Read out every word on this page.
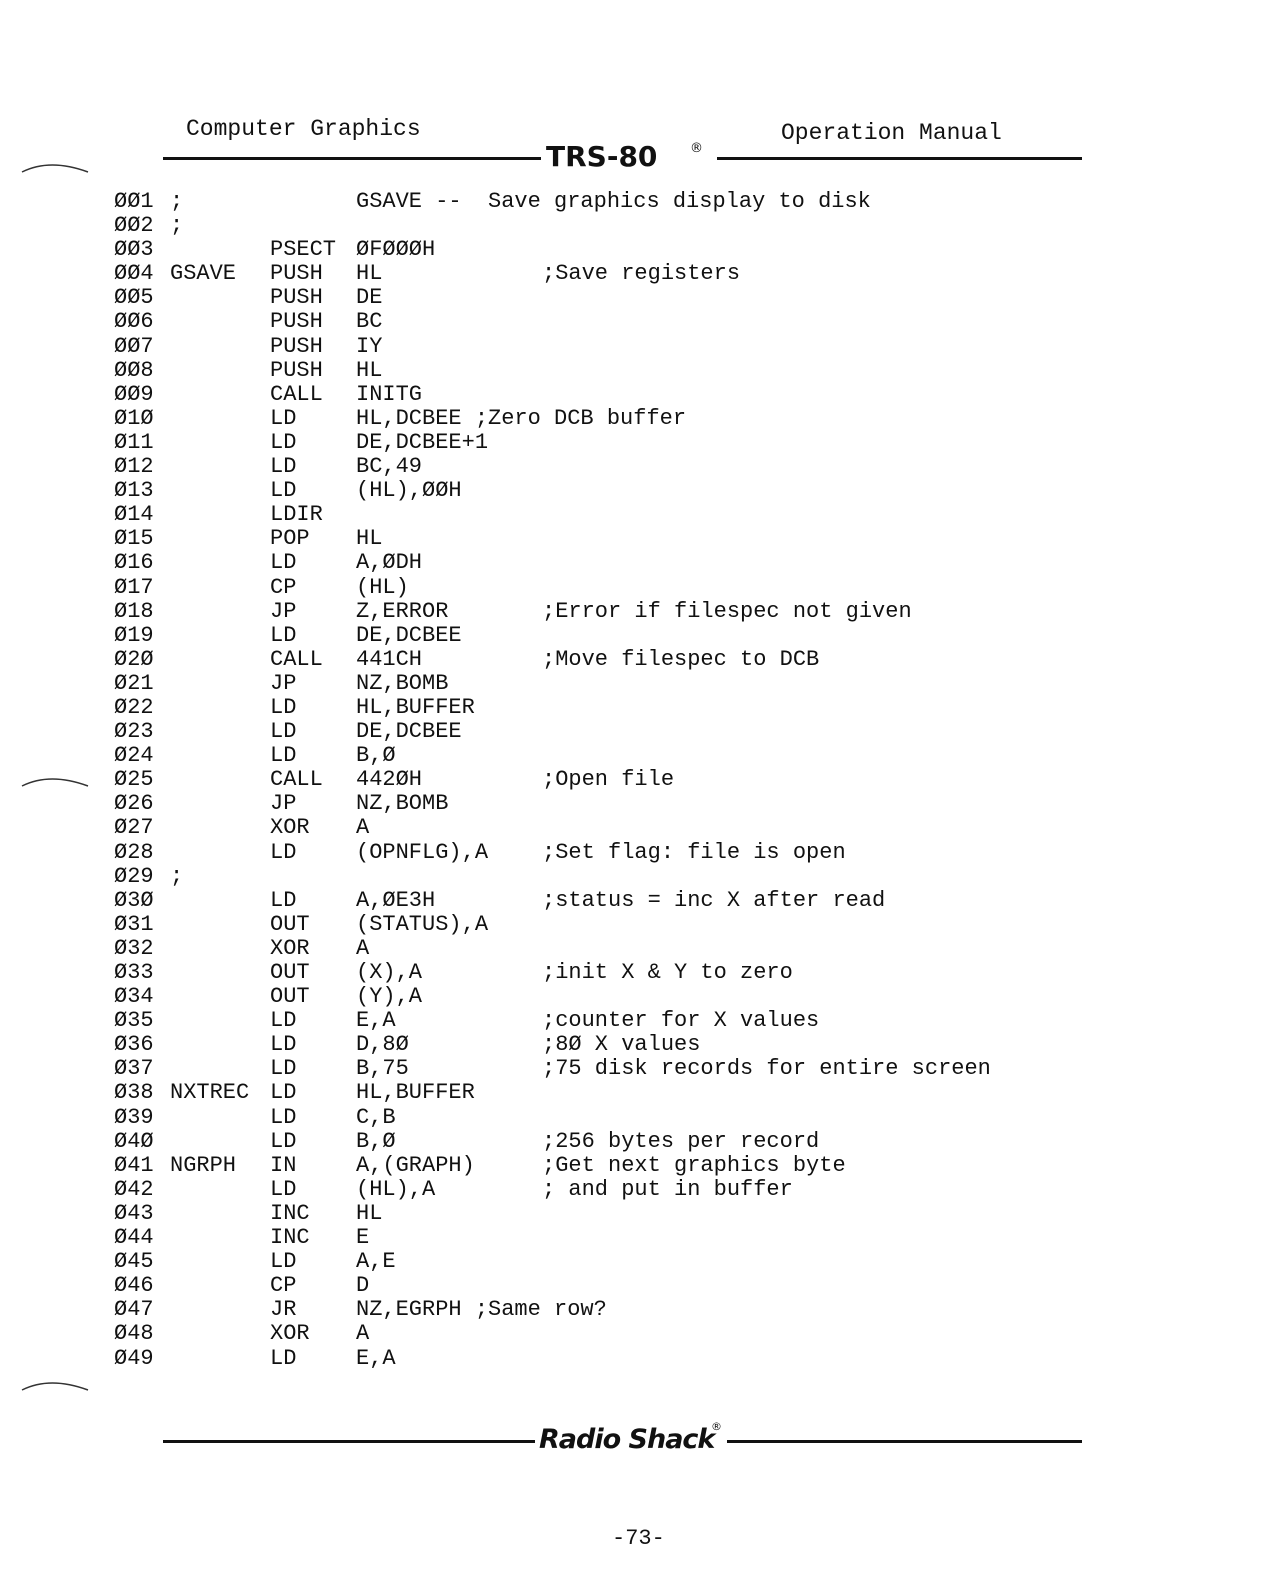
Computer Graphics	Operation Manual
TRS-80	®
ØØ1 ;	GSAVE --  Save graphics display to disk
ØØ2 ;
ØØ3	PSECT ØFØØØH
ØØ4 GSAVE PUSH HL	;Save registers
ØØ5	PUSH DE
ØØ6	PUSH BC
ØØ7	PUSH IY
ØØ8	PUSH HL
ØØ9	CALL INITG
Ø1Ø	LD	HL,DCBEE ;Zero DCB buffer
Ø11	LD	DE,DCBEE+1
Ø12	LD	BC,49
Ø13	LD	(HL),ØØH
Ø14	LDIR
Ø15	POP HL
Ø16	LD	A,ØDH
Ø17	CP	(HL)
Ø18	JP	Z,ERROR	;Error if filespec not given
Ø19	LD	DE,DCBEE
Ø2Ø	CALL 441CH	;Move filespec to DCB
Ø21	JP	NZ,BOMB
Ø22	LD	HL,BUFFER
Ø23	LD	DE,DCBEE
Ø24	LD	B,Ø
Ø25	CALL 442ØH	;Open file
Ø26	JP	NZ,BOMB
Ø27	XOR A
Ø28	LD	(OPNFLG),A ;Set flag: file is open
Ø29 ;
Ø3Ø	LD	A,ØE3H	;status = inc X after read
Ø31	OUT (STATUS),A
Ø32	XOR A
Ø33	OUT (X),A	;init X & Y to zero
Ø34	OUT (Y),A
Ø35	LD	E,A	;counter for X values
Ø36	LD	D,8Ø	;8Ø X values
Ø37	LD	B,75	;75 disk records for entire screen
Ø38 NXTREC LD	HL,BUFFER
Ø39	LD	C,B
Ø4Ø	LD	B,Ø	;256 bytes per record
Ø41 NGRPH IN	A,(GRAPH)	;Get next graphics byte
Ø42	LD	(HL),A	; and put in buffer
Ø43	INC HL
Ø44	INC E
Ø45	LD	A,E
Ø46	CP	D
Ø47	JR	NZ,EGRPH ;Same row?
Ø48	XOR A
Ø49	LD	E,A
Radio Shack
®
-73-
